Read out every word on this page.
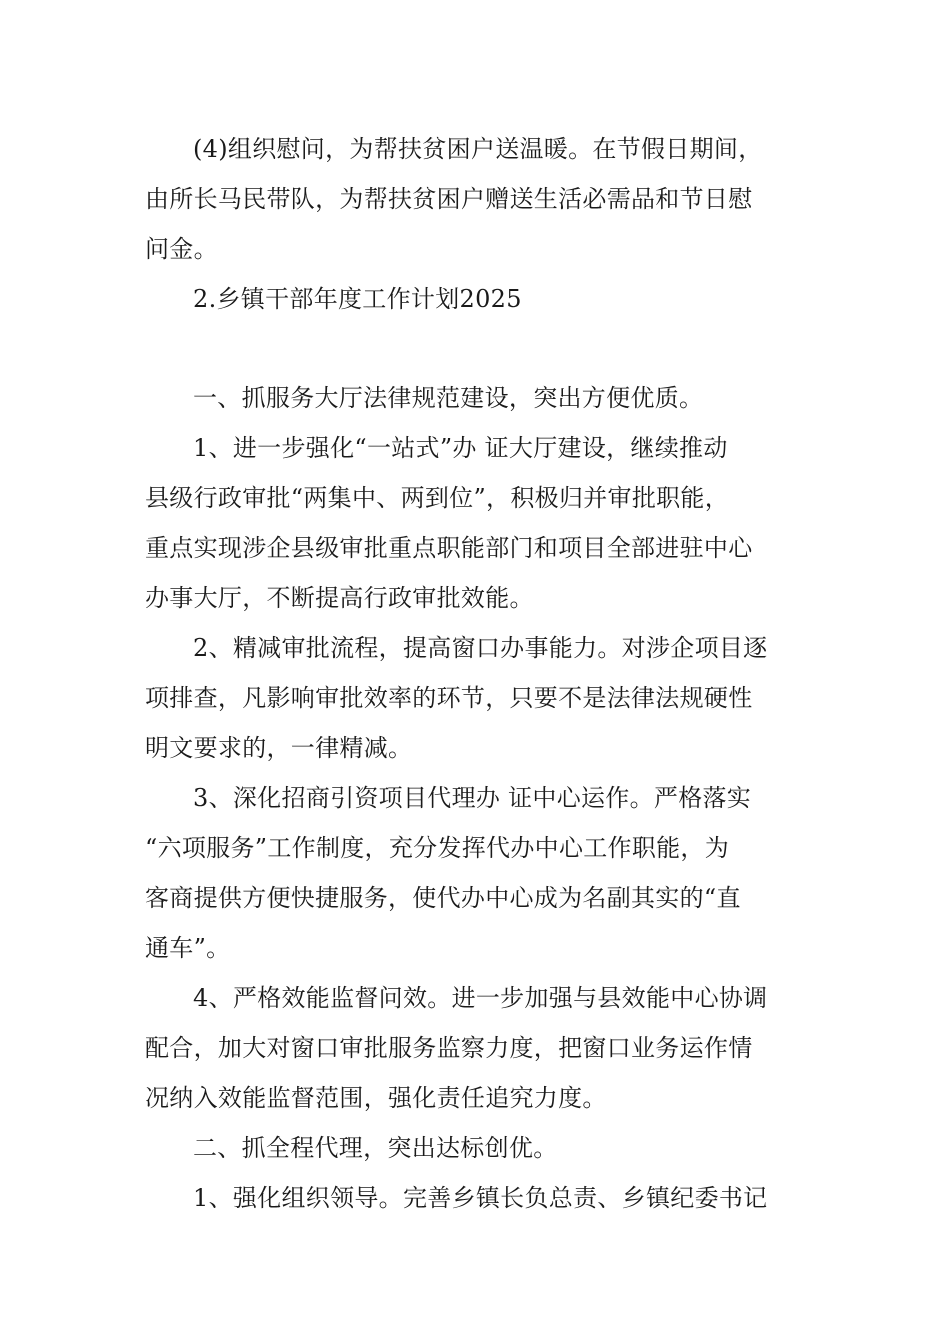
(4)组织慰问，为帮扶贫困户送温暖。在节假日期间，
由所长马民带队，为帮扶贫困户赠送生活必需品和节日慰
问金。
2.乡镇干部年度工作计划2025
一、抓服务大厅法律规范建设，突出方便优质。
1、进一步强化“一站式”办 证大厅建设，继续推动
县级行政审批“两集中、两到位”，积极归并审批职能，
重点实现涉企县级审批重点职能部门和项目全部进驻中心
办事大厅，不断提高行政审批效能。
2、精减审批流程，提高窗口办事能力。对涉企项目逐
项排查，凡影响审批效率的环节，只要不是法律法规硬性
明文要求的，一律精减。
3、深化招商引资项目代理办 证中心运作。严格落实
“六项服务”工作制度，充分发挥代办中心工作职能，为
客商提供方便快捷服务，使代办中心成为名副其实的“直
通车”。
4、严格效能监督问效。进一步加强与县效能中心协调
配合，加大对窗口审批服务监察力度，把窗口业务运作情
况纳入效能监督范围，强化责任追究力度。
二、抓全程代理，突出达标创优。
1、强化组织领导。完善乡镇长负总责、乡镇纪委书记
